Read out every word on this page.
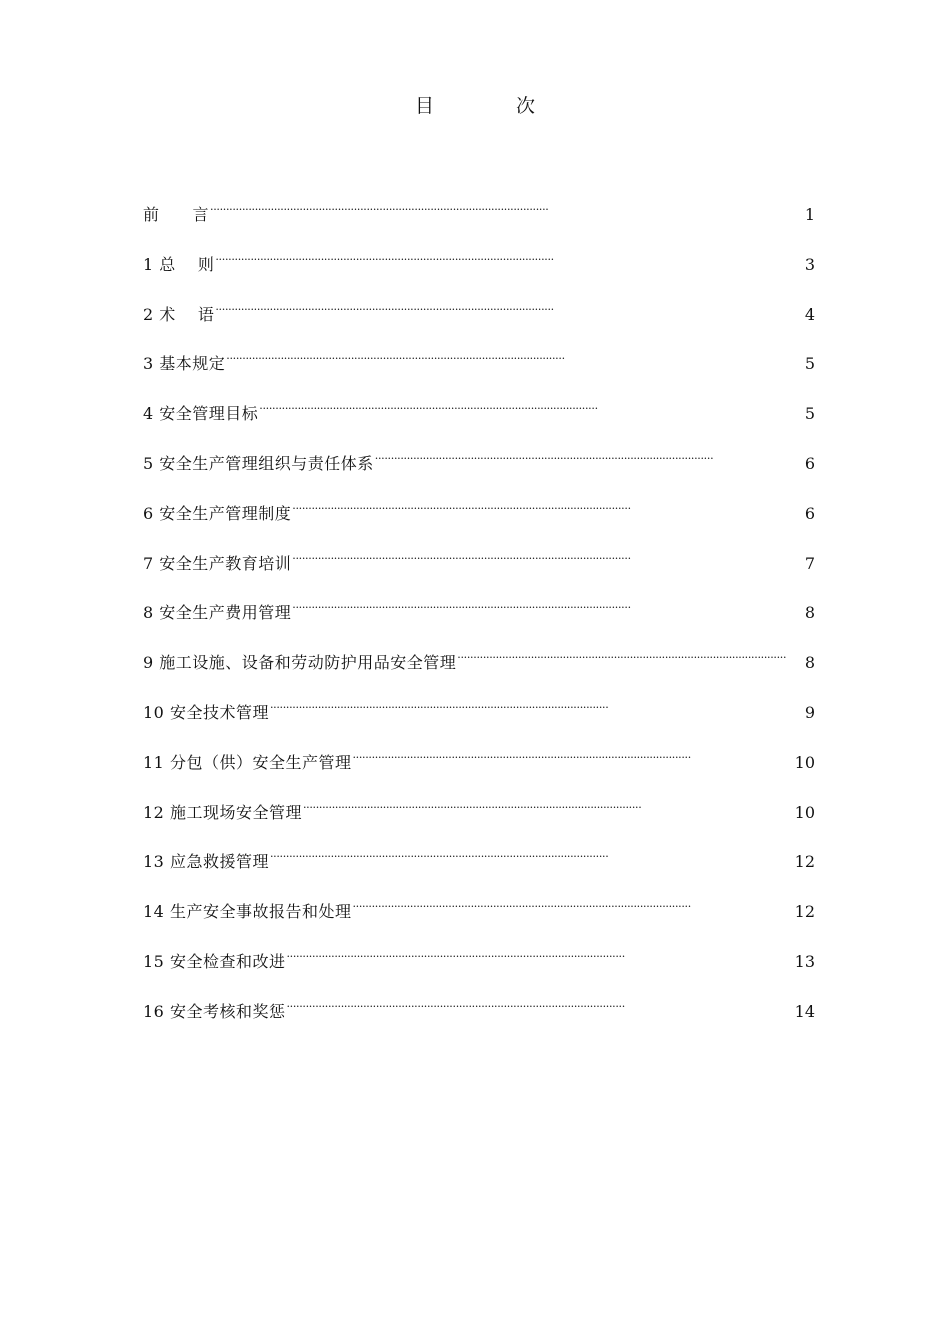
目 次
前　　言 . . .	1
1 总　 则 . . .	3
2 术　 语 . . .	4
3 基本规定 . . .	5
4 安全管理目标 . . .	5
5 安全生产管理组织与责任体系 . . .	6
6 安全生产管理制度 . . .	6
7 安全生产教育培训 . . .	7
8 安全生产费用管理 . . .	8
9 施工设施、设备和劳动防护用品安全管理 . . .	8
10 安全技术管理 . . .	9
11 分包（供）安全生产管理 . . .	10
12 施工现场安全管理 . . .	10
13 应急救援管理 . . .	12
14 生产安全事故报告和处理 . . .	12
15 安全检查和改进 . . .	13
16 安全考核和奖惩 . . .	14
